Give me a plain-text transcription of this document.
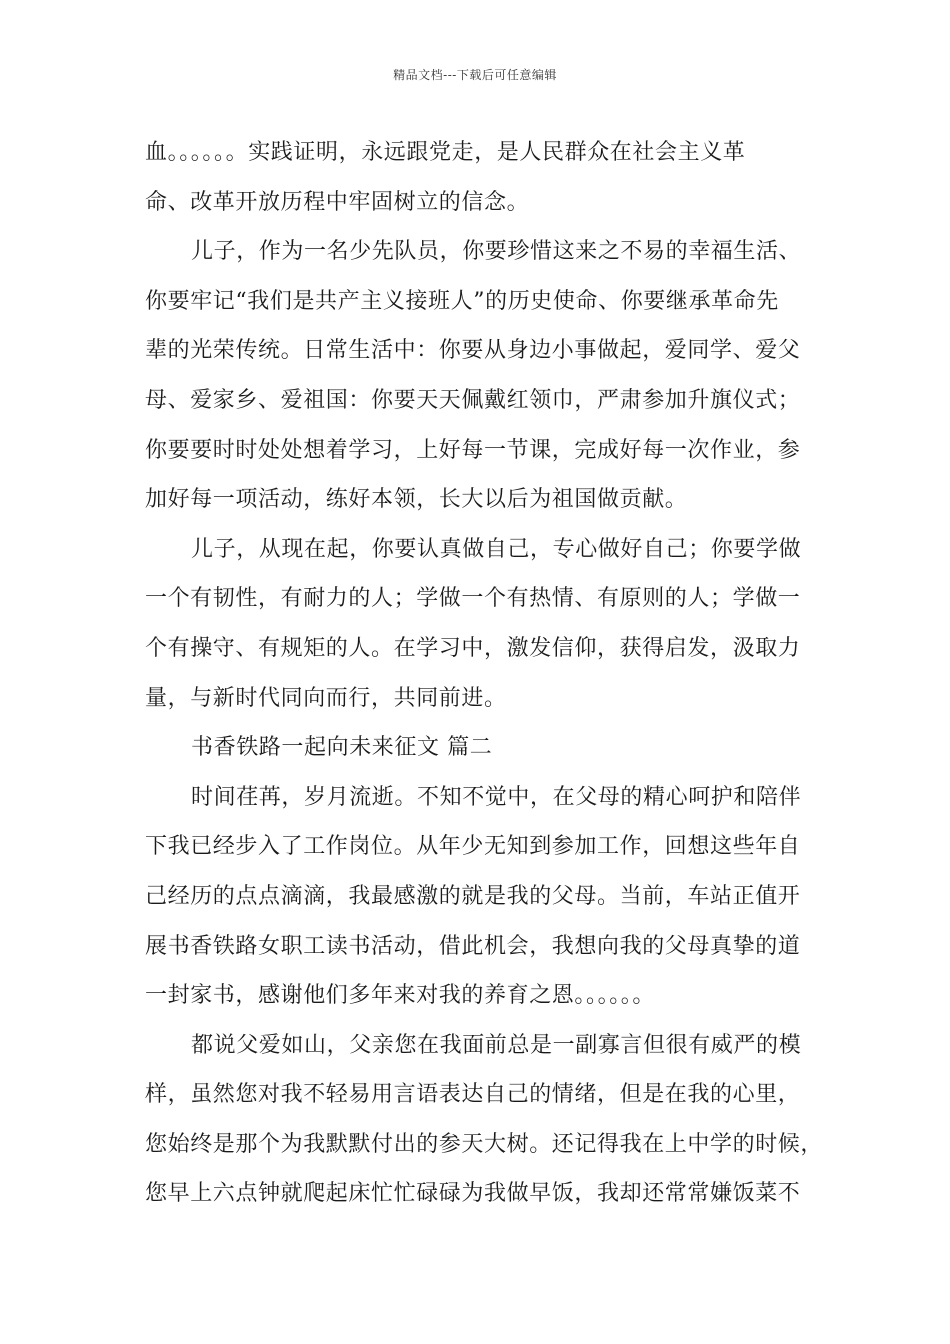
精品文档---下载后可任意编辑
血。。。。。。实践证明，永远跟党走，是人民群众在社会主义革
命、改革开放历程中牢固树立的信念。
儿子，作为一名少先队员，你要珍惜这来之不易的幸福生活、
你要牢记“我们是共产主义接班人”的历史使命、你要继承革命先
辈的光荣传统。日常生活中：你要从身边小事做起，爱同学、爱父
母、爱家乡、爱祖国：你要天天佩戴红领巾，严肃参加升旗仪式；
你要要时时处处想着学习，上好每一节课，完成好每一次作业，参
加好每一项活动，练好本领，长大以后为祖国做贡献。
儿子，从现在起，你要认真做自己，专心做好自己；你要学做
一个有韧性，有耐力的人；学做一个有热情、有原则的人；学做一
个有操守、有规矩的人。在学习中，激发信仰，获得启发，汲取力
量，与新时代同向而行，共同前进。
书香铁路一起向未来征文 篇二
时间荏苒，岁月流逝。不知不觉中，在父母的精心呵护和陪伴
下我已经步入了工作岗位。从年少无知到参加工作，回想这些年自
己经历的点点滴滴，我最感激的就是我的父母。当前，车站正值开
展书香铁路女职工读书活动，借此机会，我想向我的父母真挚的道
一封家书，感谢他们多年来对我的养育之恩。。。。。。
都说父爱如山，父亲您在我面前总是一副寡言但很有威严的模
样，虽然您对我不轻易用言语表达自己的情绪，但是在我的心里，
您始终是那个为我默默付出的参天大树。还记得我在上中学的时候，
您早上六点钟就爬起床忙忙碌碌为我做早饭，我却还常常嫌饭菜不
